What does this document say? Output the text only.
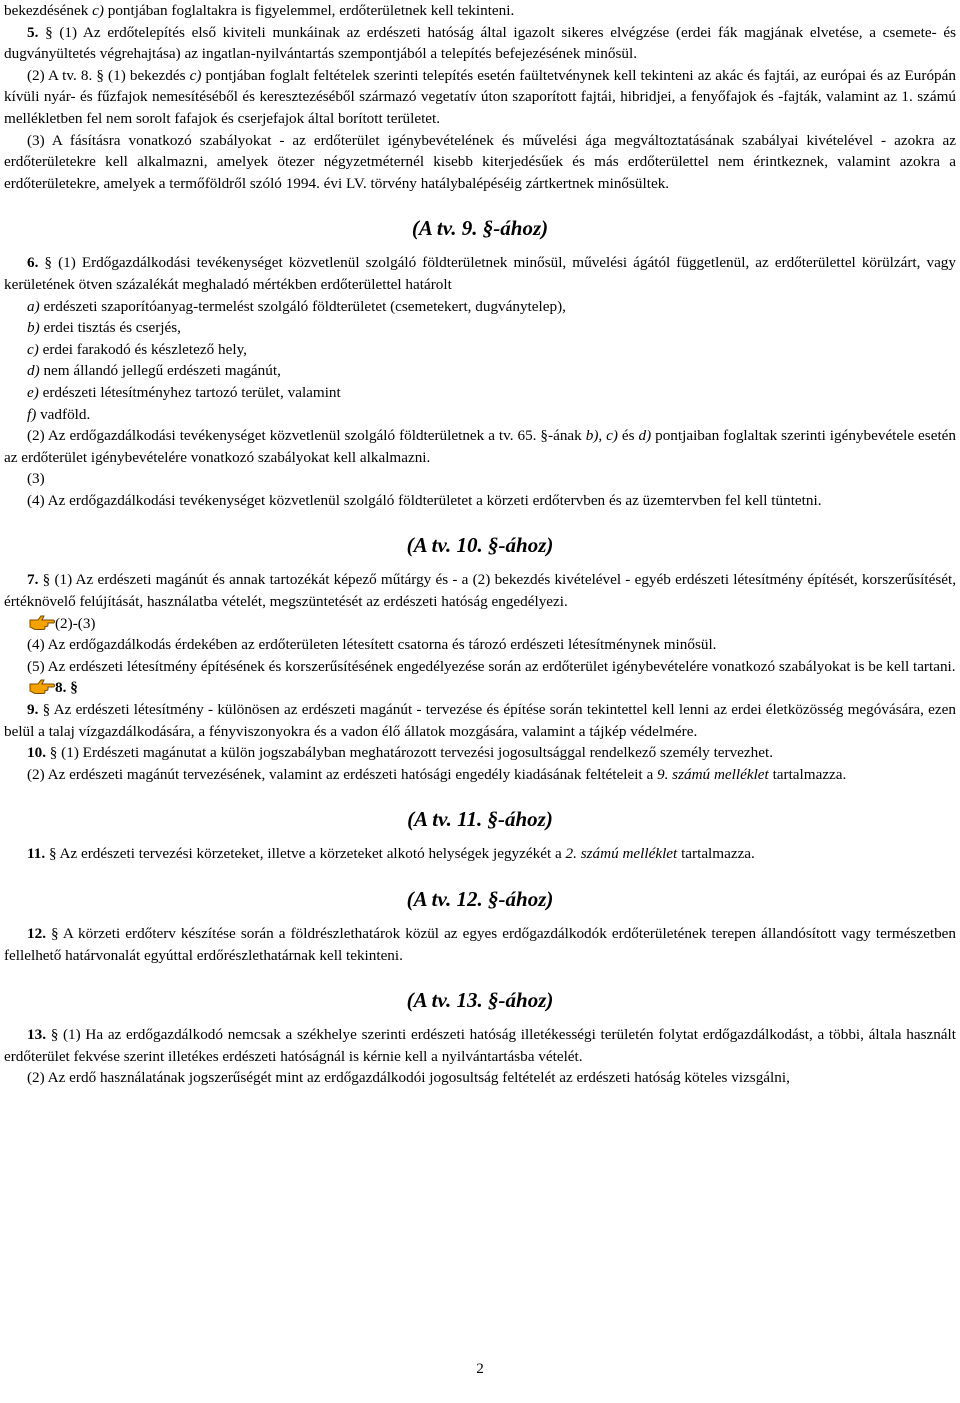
bekezdésének c) pontjában foglaltakra is figyelemmel, erdőterületnek kell tekinteni.

5. § (1) Az erdőtelepítés első kiviteli munkáinak az erdészeti hatóság által igazolt sikeres elvégzése (erdei fák magjának elvetése, a csemete- és dugványültetés végrehajtása) az ingatlan-nyilvántartás szempontjából a telepítés befejezésének minősül.

(2) A tv. 8. § (1) bekezdés c) pontjában foglalt feltételek szerinti telepítés esetén faültetvénynek kell tekinteni az akác és fajtái, az európai és az Európán kívüli nyár- és fűzfajok nemesítéséből és keresztezéséből származó vegetatív úton szaporított fajtái, hibridjei, a fenyőfajok és -fajták, valamint az 1. számú mellékletben fel nem sorolt fafajok és cserjefajok által borított területet.

(3) A fásításra vonatkozó szabályokat - az erdőterület igénybevételének és művelési ága megváltoztatásának szabályai kivételével - azokra az erdőterületekre kell alkalmazni, amelyek ötezer négyzetméternél kisebb kiterjedésűek és más erdőterülettel nem érintkeznek, valamint azokra a erdőterületekre, amelyek a termőföldről szóló 1994. évi LV. törvény hatálybalépéséig zártkertnek minősültek.

(A tv. 9. §-ához)

6. § (1) Erdőgazdálkodási tevékenységet közvetlenül szolgáló földterületnek minősül, művelési ágától függetlenül, az erdőterülettel körülzárt, vagy kerületének ötven százalékát meghaladó mértékben erdőterülettel határolt

a) erdészeti szaporítóanyag-termelést szolgáló földterületet (csemetekert, dugványtelep),

b) erdei tisztás és cserjés,

c) erdei farakodó és készletező hely,

d) nem állandó jellegű erdészeti magánút,

e) erdészeti létesítményhez tartozó terület, valamint

f) vadföld.

(2) Az erdőgazdálkodási tevékenységet közvetlenül szolgáló földterületnek a tv. 65. §-ának b), c) és d) pontjaiban foglaltak szerinti igénybevétele esetén az erdőterület igénybevételére vonatkozó szabályokat kell alkalmazni.

(3)

(4) Az erdőgazdálkodási tevékenységet közvetlenül szolgáló földterületet a körzeti erdőtervben és az üzemtervben fel kell tüntetni.

(A tv. 10. §-ához)

7. § (1) Az erdészeti magánút és annak tartozékát képező műtárgy és - a (2) bekezdés kivételével - egyéb erdészeti létesítmény építését, korszerűsítését, értéknövelő felújítását, használatba vételét, megszüntetését az erdészeti hatóság engedélyezi.

(2)-(3)

(4) Az erdőgazdálkodás érdekében az erdőterületen létesített csatorna és tározó erdészeti létesítménynek minősül.

(5) Az erdészeti létesítmény építésének és korszerűsítésének engedélyezése során az erdőterület igénybevételére vonatkozó szabályokat is be kell tartani.

8. §

9. § Az erdészeti létesítmény - különösen az erdészeti magánút - tervezése és építése során tekintettel kell lenni az erdei életközösség megóvására, ezen belül a talaj vízgazdálkodására, a fényviszonyokra és a vadon élő állatok mozgására, valamint a tájkép védelmére.

10. § (1) Erdészeti magánutat a külön jogszabályban meghatározott tervezési jogosultsággal rendelkező személy tervezhet.

(2) Az erdészeti magánút tervezésének, valamint az erdészeti hatósági engedély kiadásának feltételeit a 9. számú melléklet tartalmazza.

(A tv. 11. §-ához)

11. § Az erdészeti tervezési körzeteket, illetve a körzeteket alkotó helységek jegyzékét a 2. számú melléklet tartalmazza.

(A tv. 12. §-ához)

12. § A körzeti erdőterv készítése során a földrészlethatárok közül az egyes erdőgazdálkodók erdőterületének terepen állandósított vagy természetben fellelhető határvonalát egyúttal erdőrészlethatárnak kell tekinteni.

(A tv. 13. §-ához)

13. § (1) Ha az erdőgazdálkodó nemcsak a székhelye szerinti erdészeti hatóság illetékességi területén folytat erdőgazdálkodást, a többi, általa használt erdőterület fekvése szerint illetékes erdészeti hatóságnál is kérnie kell a nyilvántartásba vételét.

(2) Az erdő használatának jogszerűségét mint az erdőgazdálkodói jogosultság feltételét az erdészeti hatóság köteles vizsgálni,

2
